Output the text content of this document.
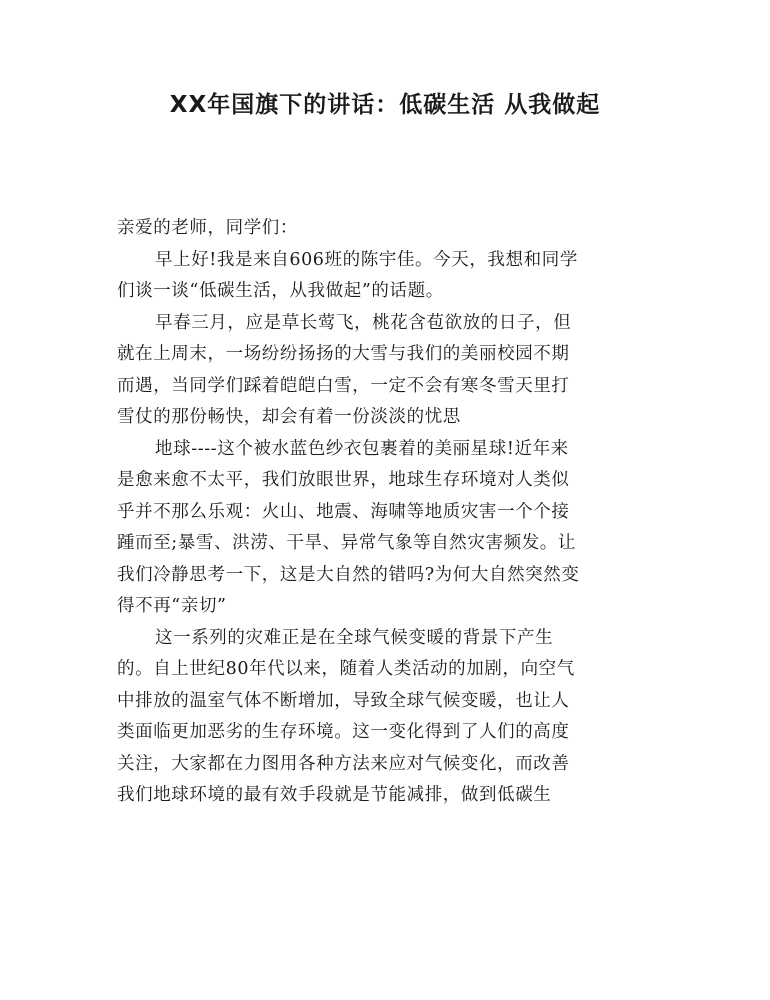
XX年国旗下的讲话：低碳生活 从我做起
亲爱的老师，同学们：
早上好!我是来自606班的陈宇佳。今天，我想和同学
们谈一谈“低碳生活，从我做起”的话题。
早春三月，应是草长莺飞，桃花含苞欲放的日子，但
就在上周末，一场纷纷扬扬的大雪与我们的美丽校园不期
而遇，当同学们踩着皑皑白雪，一定不会有寒冬雪天里打
雪仗的那份畅快，却会有着一份淡淡的忧思
地球----这个被水蓝色纱衣包裹着的美丽星球!近年来
是愈来愈不太平，我们放眼世界，地球生存环境对人类似
乎并不那么乐观：火山、地震、海啸等地质灾害一个个接
踵而至;暴雪、洪涝、干旱、异常气象等自然灾害频发。让
我们冷静思考一下，这是大自然的错吗?为何大自然突然变
得不再“亲切”
这一系列的灾难正是在全球气候变暖的背景下产生
的。自上世纪80年代以来，随着人类活动的加剧，向空气
中排放的温室气体不断增加，导致全球气候变暖，也让人
类面临更加恶劣的生存环境。这一变化得到了人们的高度
关注，大家都在力图用各种方法来应对气候变化，而改善
我们地球环境的最有效手段就是节能减排，做到低碳生
